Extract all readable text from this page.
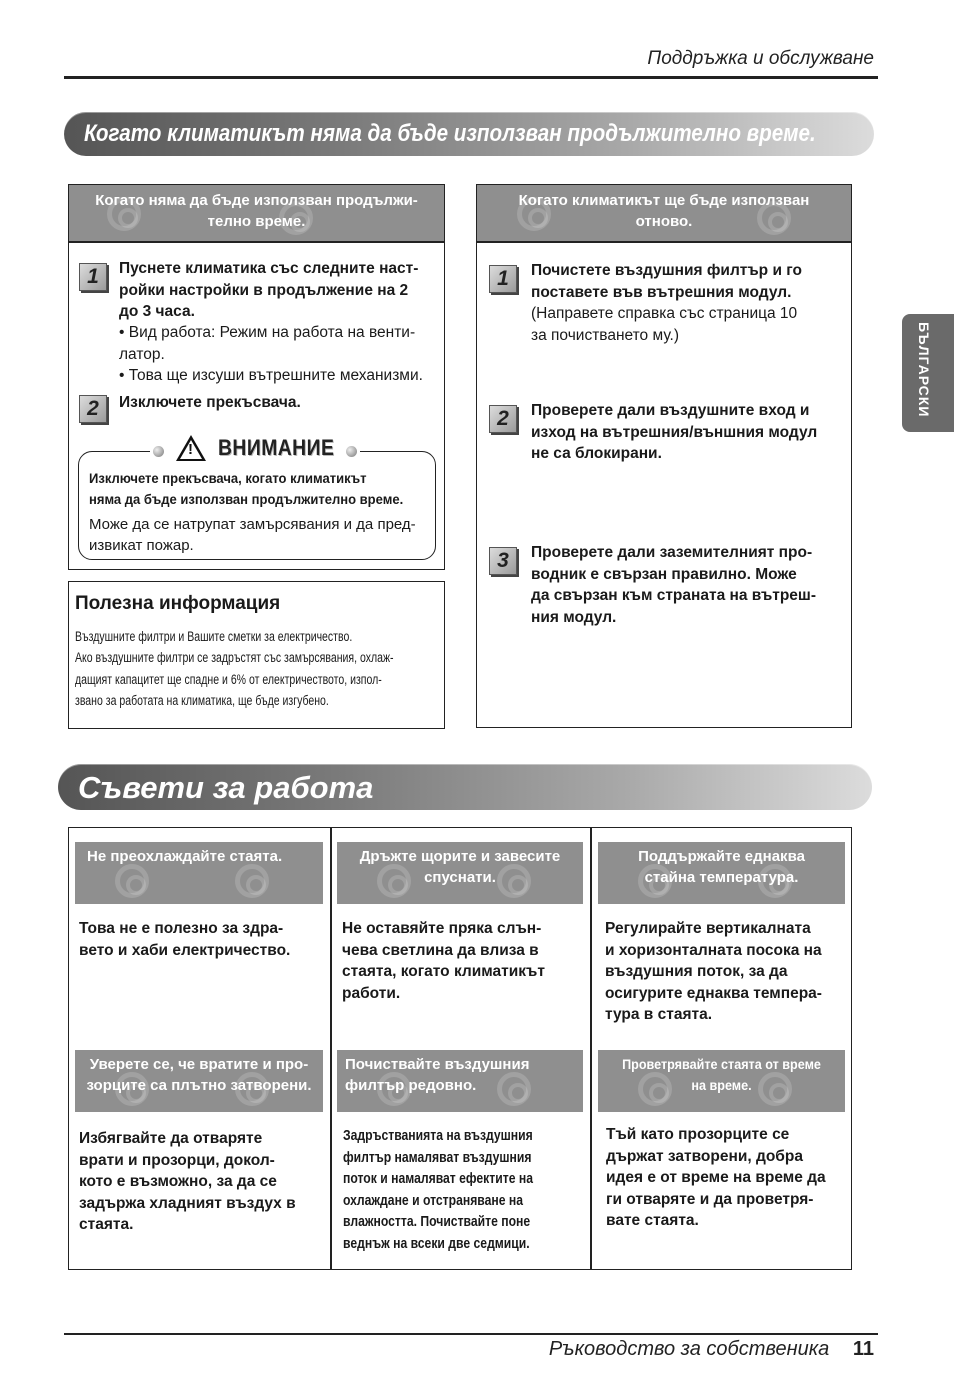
Поддръжка и обслужване
БЪЛГАРСКИ
Когато климатикът няма да бъде използван продължително време.
Когато няма да бъде използван продължи-
телно време.
1	Пуснете климатика със следните наст-
ройки настройки в продължение на 2
до 3 часа.
• Вид работа: Режим на работа на венти-
латор.
• Това ще изсуши вътрешните механизми.
2	Изключете прекъсвача.
Изключете прекъсвача, когато климатикът
няма да бъде използван продължително време.
Може да се натрупат замърсявания и да пред-
извикат пожар.
! ВНИМАНИЕ
Полезна информация
Въздушните филтри и Вашите сметки за електричество.
Ако въздушните филтри се задръстят със замърсявания, охлаж-
дащият капацитет ще спадне и 6% от електричеството, изпол-
звано за работата на климатика, ще бъде изгубено.
Когато климатикът ще бъде използван
отново.
1	Почистете въздушния филтър и го
поставете във вътрешния модул.
(Направете справка със страница 10
за почистването му.)
2	Проверете дали въздушните вход и
изход на вътрешния/външния модул
не са блокирани.
3	Проверете дали заземителният про-
водник е свързан правилно. Може
да свързан към страната на вътреш-
ния модул.
Съвети за работа
Не преохлаждайте стаята.	Дръжте щорите и завесите
спуснати.
Поддържайте еднаква
стайна температура.
Това не е полезно за здра-
вето и хаби електричество.
Не оставяйте пряка слън-
чева светлина да влиза в
стаята, когато климатикът
работи.
Регулирайте вертикалната
и хоризонталната посока на
въздушния поток, за да
осигурите еднаква темпера-
тура в стаята.
Уверете се, че вратите и про-
зорците са плътно затворени.
Почиствайте въздушния
филтър редовно.
Проветрявайте стаята от време
на време.
Избягвайте да отваряте
врати и прозорци, докол-
кото е възможно, за да се
задържа хладният въздух в
стаята.
Задръстванията на въздушния
филтър намаляват въздушния
поток и намаляват ефектите на
охлаждане и отстраняване на
влажността. Почиствайте поне
веднъж на всеки две седмици.
Тъй като прозорците се
държат затворени, добра
идея е от време на време да
ги отваряте и да проветря-
вате стаята.
Ръководство за собственика 11
